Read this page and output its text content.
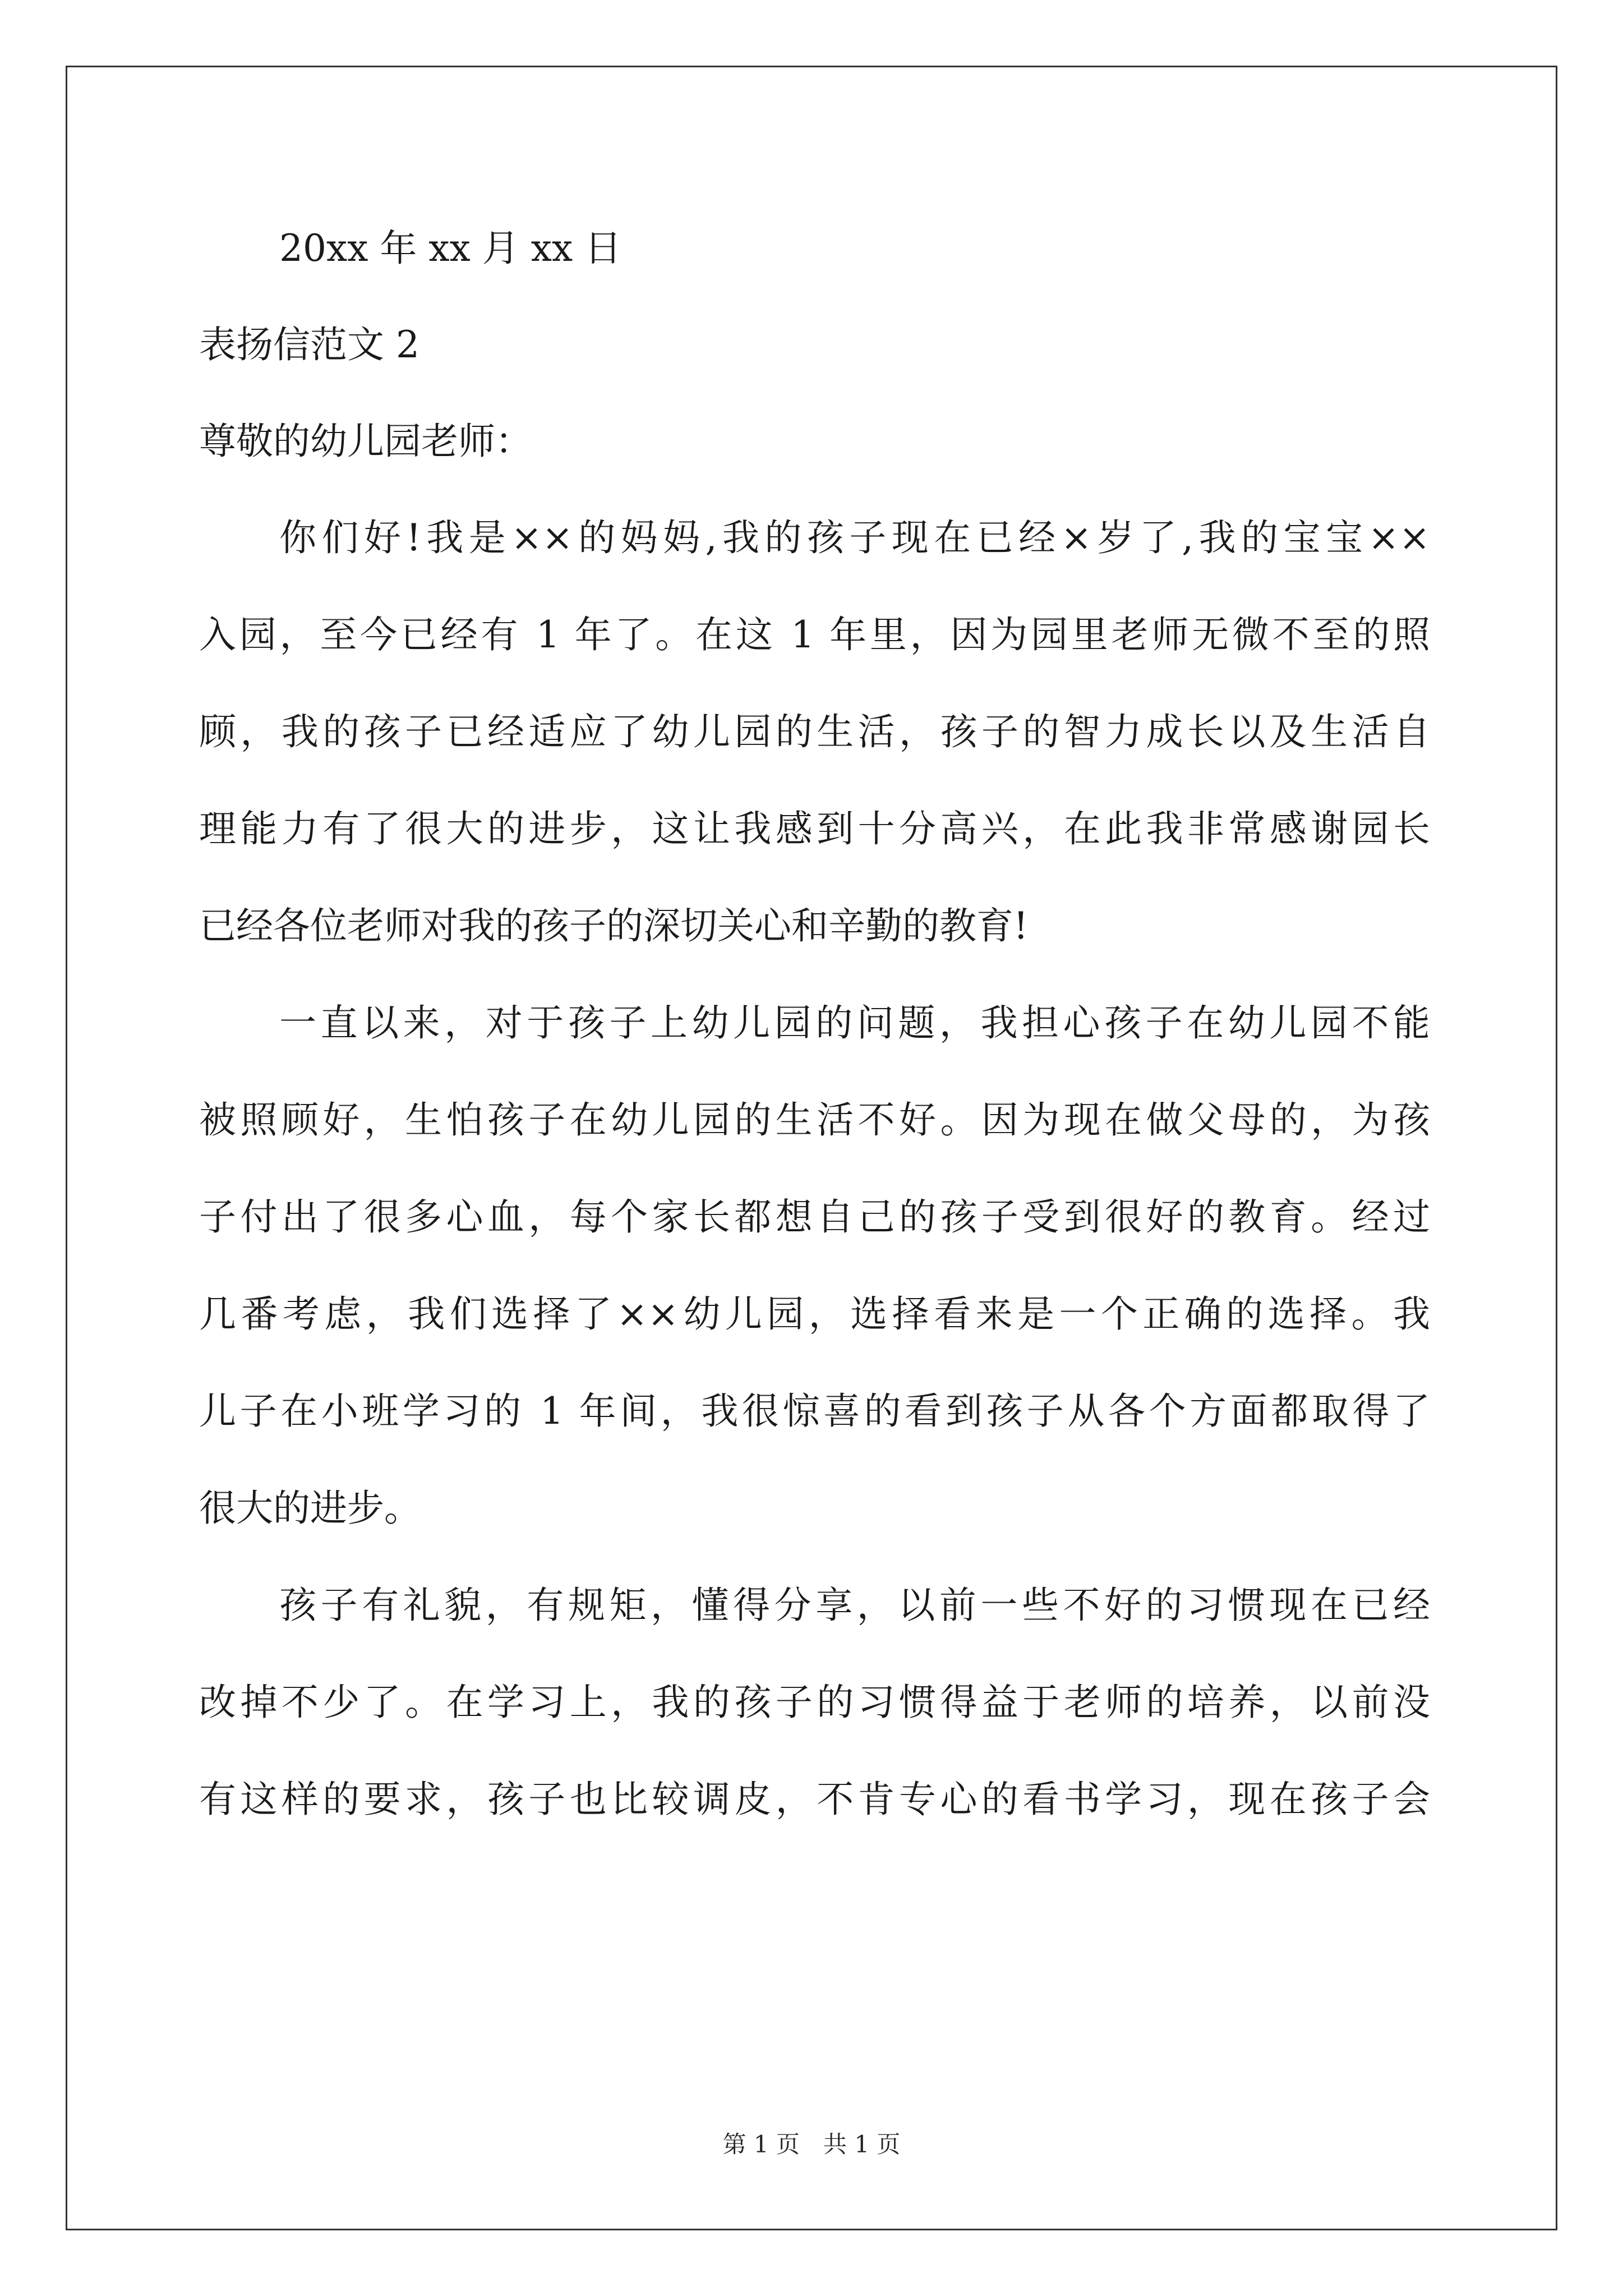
20xx 年 xx 月 xx 日
表扬信范文 2
尊敬的幼儿园老师：
你们好!我是××的妈妈,我的孩子现在已经×岁了,我的宝宝××
入园，至今已经有 1 年了。在这 1 年里，因为园里老师无微不至的照
顾，我的孩子已经适应了幼儿园的生活，孩子的智力成长以及生活自
理能力有了很大的进步，这让我感到十分高兴，在此我非常感谢园长
已经各位老师对我的孩子的深切关心和辛勤的教育!
一直以来，对于孩子上幼儿园的问题，我担心孩子在幼儿园不能
被照顾好，生怕孩子在幼儿园的生活不好。因为现在做父母的，为孩
子付出了很多心血，每个家长都想自己的孩子受到很好的教育。经过
几番考虑，我们选择了××幼儿园，选择看来是一个正确的选择。我
儿子在小班学习的 1 年间，我很惊喜的看到孩子从各个方面都取得了
很大的进步。
孩子有礼貌，有规矩，懂得分享，以前一些不好的习惯现在已经
改掉不少了。在学习上，我的孩子的习惯得益于老师的培养，以前没
有这样的要求，孩子也比较调皮，不肯专心的看书学习，现在孩子会
第 1 页　共 1 页
